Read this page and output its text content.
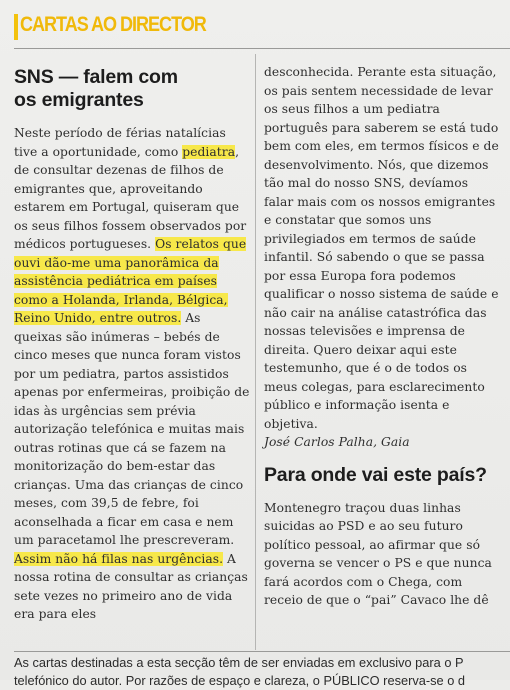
CARTAS AO DIRECTOR
SNS — falem com
os emigrantes

Neste período de férias natalícias tive a oportunidade, como pediatra, de consultar dezenas de filhos de emigrantes que, aproveitando estarem em Portugal, quiseram que os seus filhos fossem observados por médicos portugueses. Os relatos que ouvi dão-me uma panorâmica da assistência pediátrica em países como a Holanda, Irlanda, Bélgica, Reino Unido, entre outros. As queixas são inúmeras – bebés de cinco meses que nunca foram vistos por um pediatra, partos assistidos apenas por enfermeiras, proibição de idas às urgências sem prévia autorização telefónica e muitas mais outras rotinas que cá se fazem na monitorização do bem-estar das crianças. Uma das crianças de cinco meses, com 39,5 de febre, foi aconselhada a ficar em casa e nem um paracetamol lhe prescreveram. Assim não há filas nas urgências. A nossa rotina de consultar as crianças sete vezes no primeiro ano de vida era para eles

desconhecida. Perante esta situação, os pais sentem necessidade de levar os seus filhos a um pediatra português para saberem se está tudo bem com eles, em termos físicos e de desenvolvimento. Nós, que dizemos tão mal do nosso SNS, devíamos falar mais com os nossos emigrantes e constatar que somos uns privilegiados em termos de saúde infantil. Só sabendo o que se passa por essa Europa fora podemos qualificar o nosso sistema de saúde e não cair na análise catastrófica das nossas televisões e imprensa de direita. Quero deixar aqui este testemunho, que é o de todos os meus colegas, para esclarecimento público e informação isenta e objetiva.

José Carlos Palha, Gaia

Para onde vai este país?

Montenegro traçou duas linhas suicidas ao PSD e ao seu futuro político pessoal, ao afirmar que só governa se vencer o PS e que nunca fará acordos com o Chega, com receio de que o “pai” Cavaco lhe dê

As cartas destinadas a esta secção têm de ser enviadas em exclusivo para o P
telefónico do autor. Por razões de espaço e clareza, o PÚBLICO reserva-se o d
